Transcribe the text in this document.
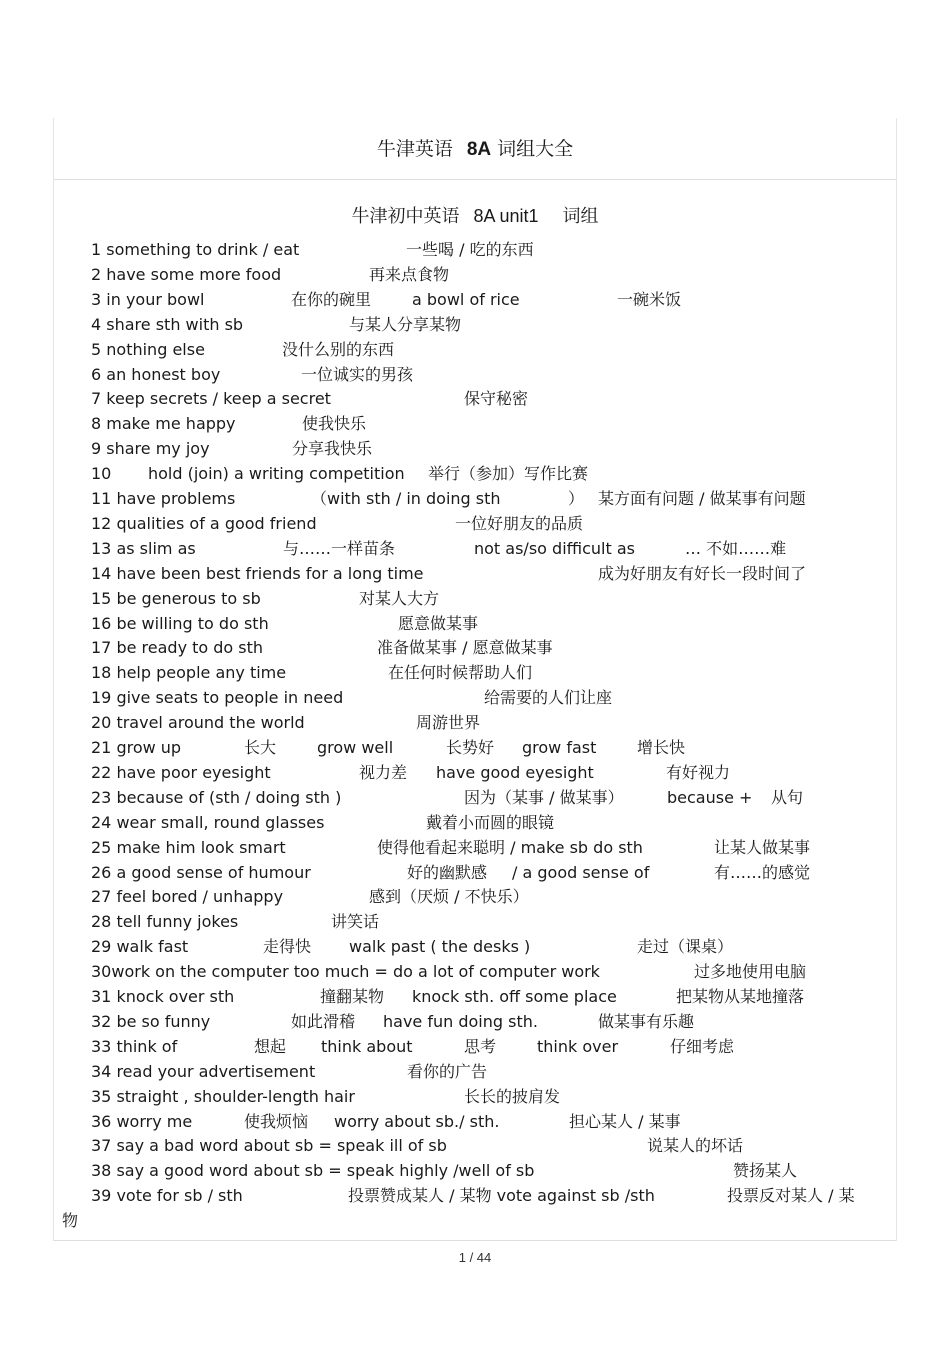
牛津英语 8A 词组大全
牛津初中英语 8A unit1 词组
1 something to drink / eat	一些喝 / 吃的东西
2 have some more food	再来点食物
3 in your bowl	在你的碗里	a bowl of rice	一碗米饭
4 share sth with sb	与某人分享某物
5 nothing else	没什么别的东西
6 an honest boy	一位诚实的男孩
7 keep secrets / keep a secret	保守秘密
8 make me happy	使我快乐
9 share my joy	分享我快乐
10 hold (join) a writing competition 举行（参加）写作比赛
11 have problems	（with sth / in doing sth	） 某方面有问题 / 做某事有问题
12 qualities of a good friend	一位好朋友的品质
13 as slim as	与……一样苗条	not as/so difficult as	… 不如……难
14 have been best friends for a long time	成为好朋友有好长一段时间了
15 be generous to sb	对某人大方
16 be willing to do sth	愿意做某事
17 be ready to do sth	准备做某事 / 愿意做某事
18 help people any time	在任何时候帮助人们
19 give seats to people in need	给需要的人们让座
20 travel around the world	周游世界
21 grow up	长大	grow well	长势好 grow fast	增长快
22 have poor eyesight	视力差 have good eyesight	有好视力
23 because of (sth / doing sth )	因为（某事 / 做某事）	because + 从句
24 wear small, round glasses	戴着小而圆的眼镜
25 make him look smart	使得他看起来聪明 / make sb do sth	让某人做某事
26 a good sense of humour	好的幽默感 / a good sense of	有……的感觉
27 feel bored / unhappy	感到（厌烦 / 不快乐）
28 tell funny jokes	讲笑话
29 walk fast	走得快 walk past ( the desks )	走过（课桌）
30work on the computer too much = do a lot of computer work	过多地使用电脑
31 knock over sth	撞翻某物 knock sth. off some place	把某物从某地撞落
32 be so funny	如此滑稽 have fun doing sth.	做某事有乐趣
33 think of	想起 think about	思考	think over	仔细考虑
34 read your advertisement	看你的广告
35 straight , shoulder-length hair	长长的披肩发
36 worry me	使我烦恼 worry about sb./ sth.	担心某人 / 某事
37 say a bad word about sb = speak ill of sb	说某人的坏话
38 say a good word about sb = speak highly /well of sb	赞扬某人
39 vote for sb / sth	投票赞成某人 / 某物 vote against sb /sth	投票反对某人 / 某
物
1 / 44
